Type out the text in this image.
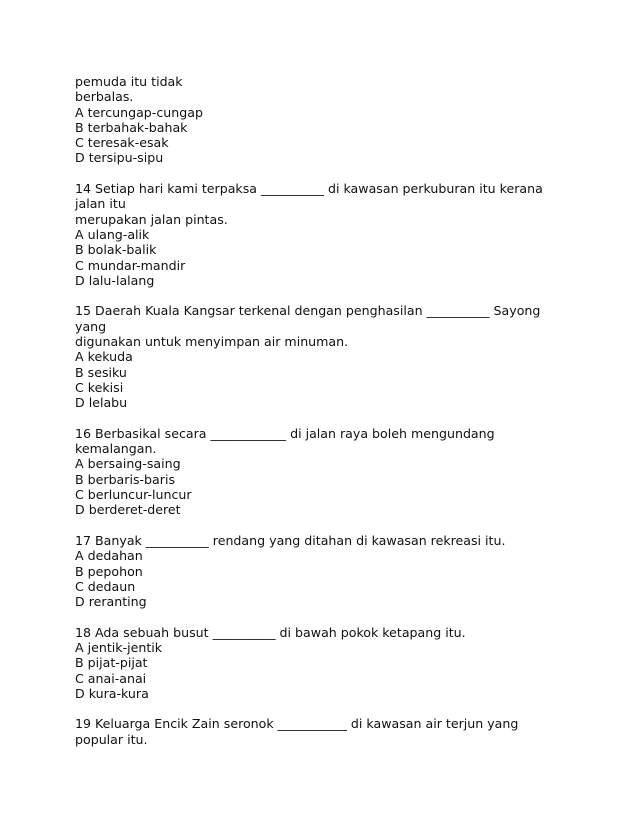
pemuda itu tidak

berbalas.

A tercungap-cungap

B terbahak-bahak

C teresak-esak

D tersipu-sipu

14 Setiap hari kami terpaksa __________ di kawasan perkuburan itu kerana

jalan itu

merupakan jalan pintas.

A ulang-alik

B bolak-balik

C mundar-mandir

D lalu-lalang

15 Daerah Kuala Kangsar terkenal dengan penghasilan __________ Sayong

yang

digunakan untuk menyimpan air minuman.

A kekuda

B sesiku

C kekisi

D lelabu

16 Berbasikal secara ____________ di jalan raya boleh mengundang

kemalangan.

A bersaing-saing

B berbaris-baris

C berluncur-luncur

D berderet-deret

17 Banyak __________ rendang yang ditahan di kawasan rekreasi itu.

A dedahan

B pepohon

C dedaun

D reranting

18 Ada sebuah busut __________ di bawah pokok ketapang itu.

A jentik-jentik

B pijat-pijat

C anai-anai

D kura-kura

19 Keluarga Encik Zain seronok ___________ di kawasan air terjun yang

popular itu.
